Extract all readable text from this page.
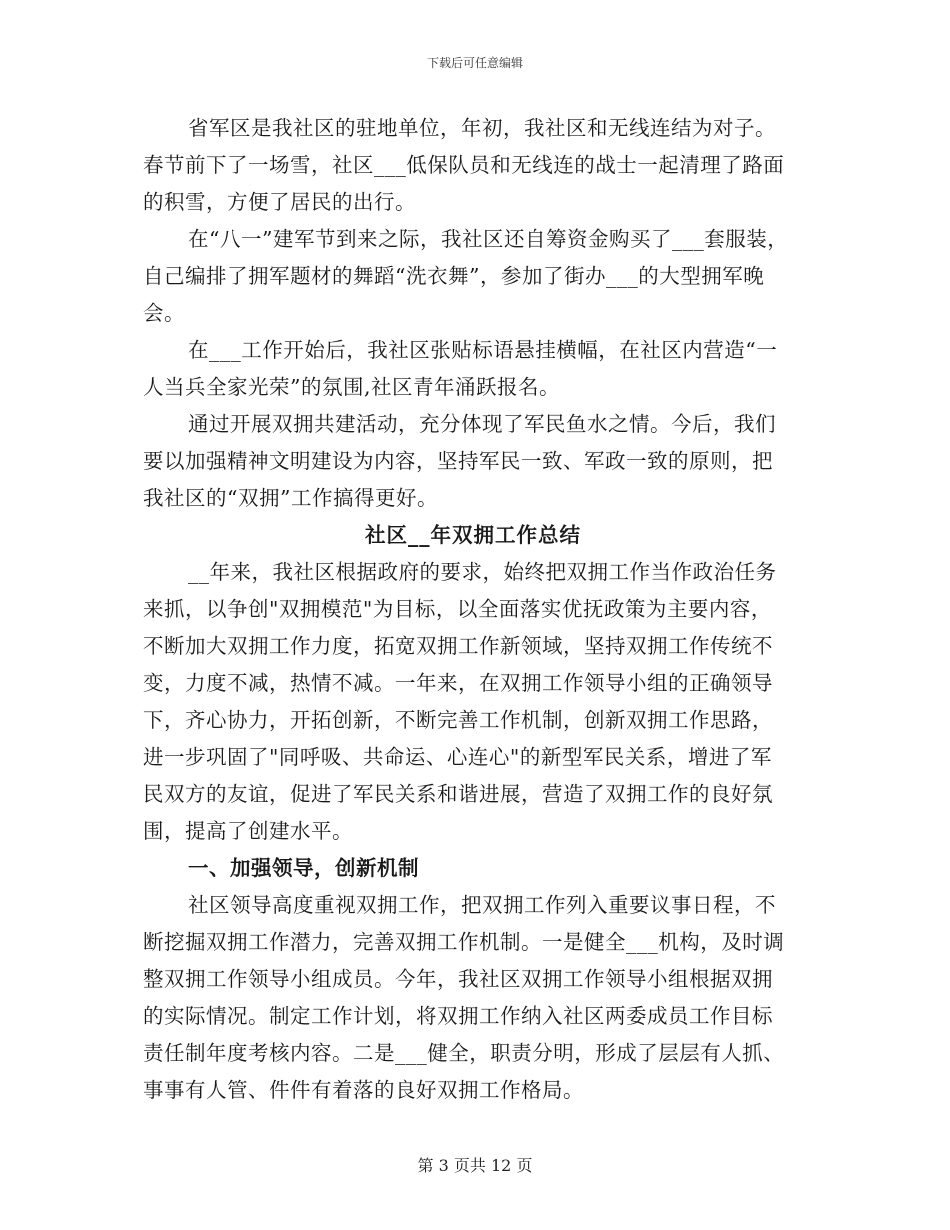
下载后可任意编辑
省军区是我社区的驻地单位，年初，我社区和无线连结为对子。
春节前下了一场雪，社区___低保队员和无线连的战士一起清理了路面
的积雪，方便了居民的出行。
在“八一”建军节到来之际，我社区还自筹资金购买了___套服装，
自己编排了拥军题材的舞蹈“洗衣舞”，参加了街办___的大型拥军晚
会。
在___工作开始后，我社区张贴标语悬挂横幅，在社区内营造“一
人当兵全家光荣”的氛围,社区青年涌跃报名。
通过开展双拥共建活动，充分体现了军民鱼水之情。今后，我们
要以加强精神文明建设为内容，坚持军民一致、军政一致的原则，把
我社区的“双拥”工作搞得更好。
社区__年双拥工作总结
__年来，我社区根据政府的要求，始终把双拥工作当作政治任务
来抓，以争创"双拥模范"为目标，以全面落实优抚政策为主要内容，
不断加大双拥工作力度，拓宽双拥工作新领域，坚持双拥工作传统不
变，力度不减，热情不减。一年来，在双拥工作领导小组的正确领导
下，齐心协力，开拓创新，不断完善工作机制，创新双拥工作思路，
进一步巩固了"同呼吸、共命运、心连心"的新型军民关系，增进了军
民双方的友谊，促进了军民关系和谐进展，营造了双拥工作的良好氛
围，提高了创建水平。
一、加强领导，创新机制
社区领导高度重视双拥工作，把双拥工作列入重要议事日程，不
断挖掘双拥工作潜力，完善双拥工作机制。一是健全___机构，及时调
整双拥工作领导小组成员。今年，我社区双拥工作领导小组根据双拥
的实际情况。制定工作计划，将双拥工作纳入社区两委成员工作目标
责任制年度考核内容。二是___健全，职责分明，形成了层层有人抓、
事事有人管、件件有着落的良好双拥工作格局。
第 3 页共 12 页
